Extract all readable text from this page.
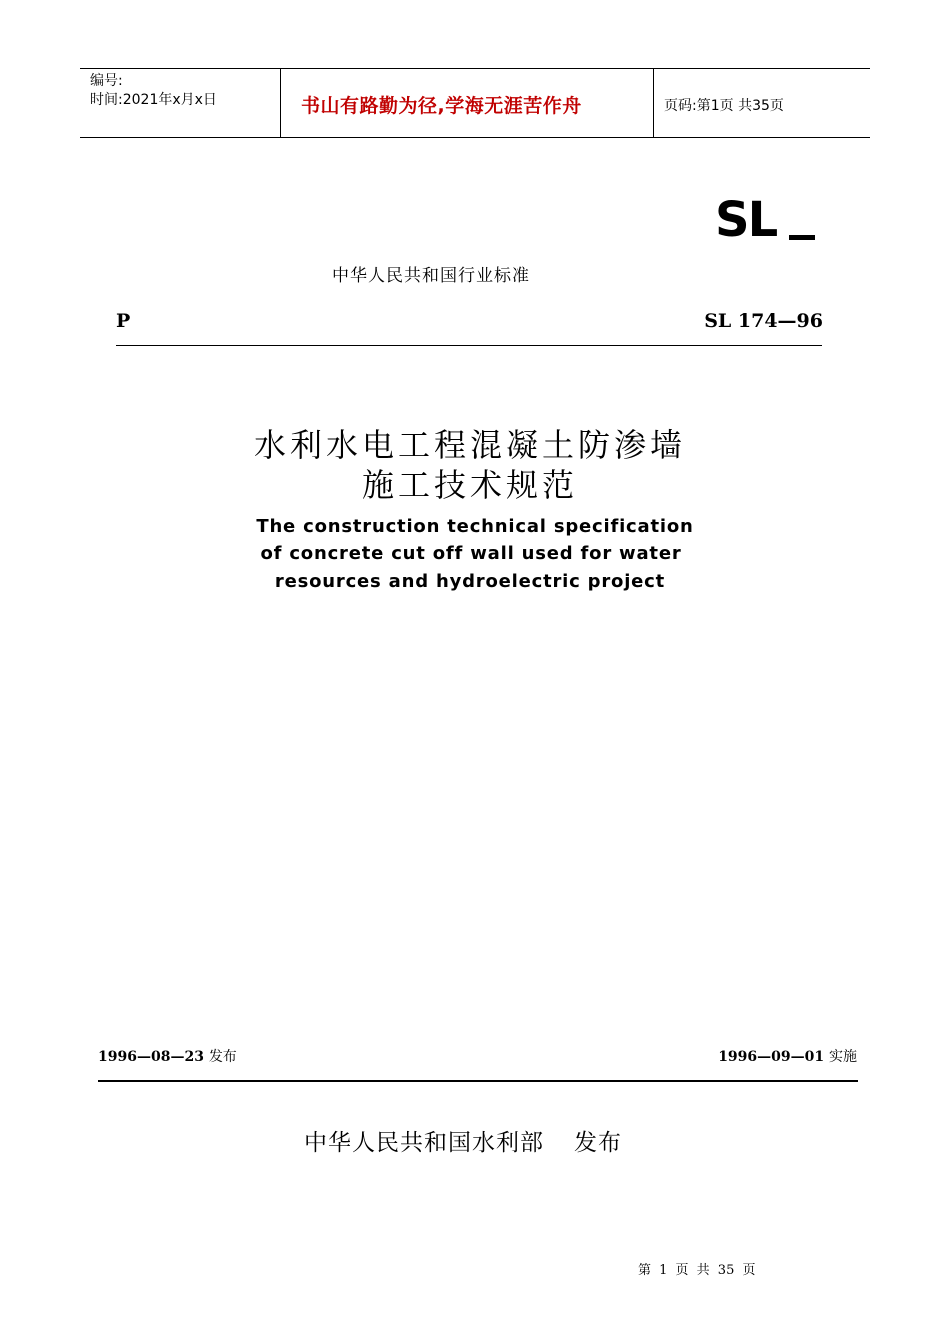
编号:
时间:2021年x月x日	书山有路勤为径,学海无涯苦作舟	页码:第1页 共35页
SL
中华人民共和国行业标准
P	SL 174—96
水利水电工程混凝土防渗墙
施工技术规范
The construction technical specification
of concrete cut off wall used for water
resources and hydroelectric project
1996—08—23 发布	1996—09—01 实施
中华人民共和国水利部 发布
第 1 页 共 35 页
